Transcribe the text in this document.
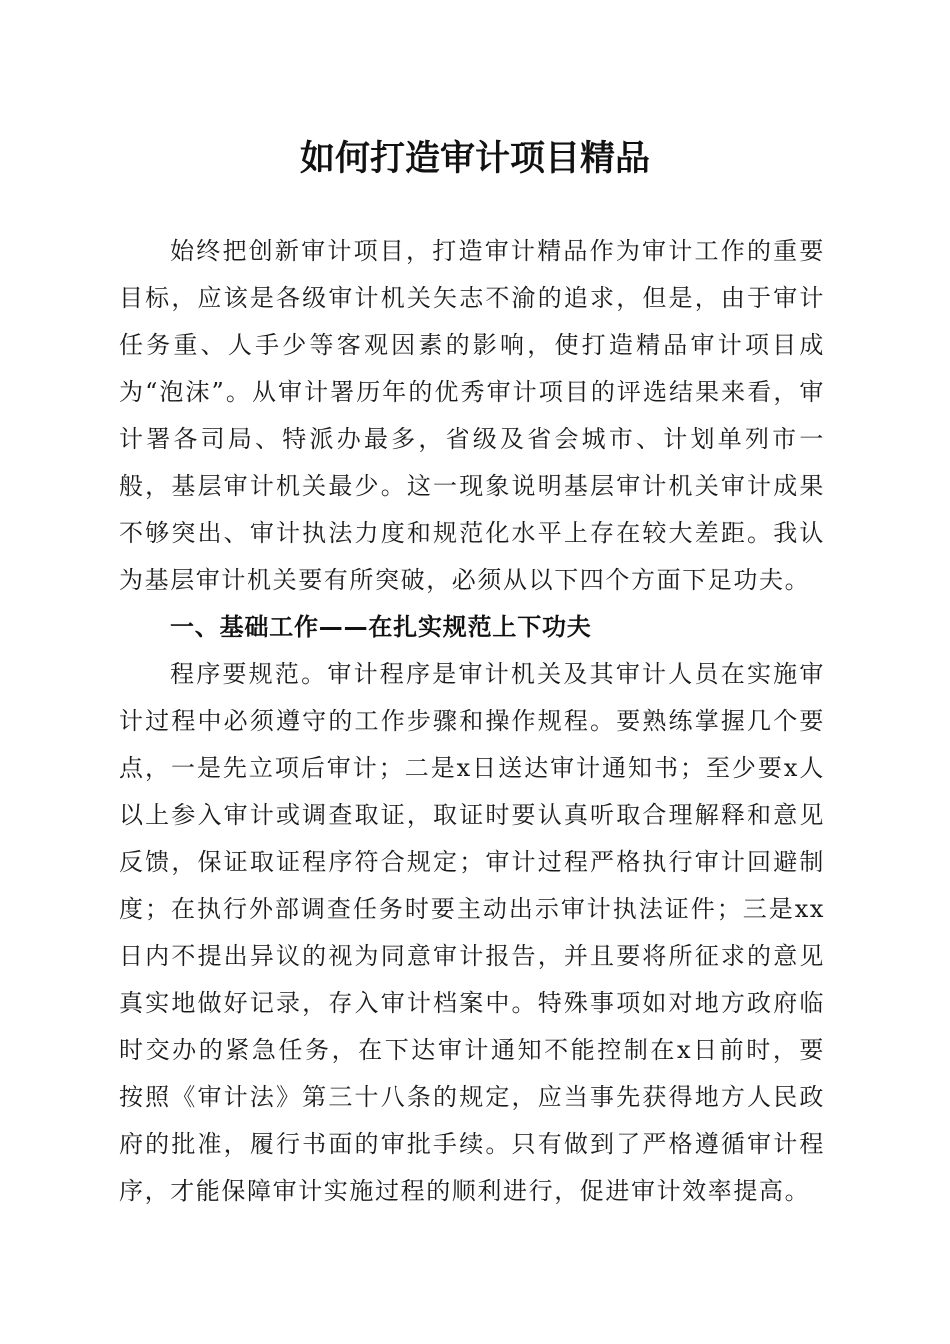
如何打造审计项目精品

始终把创新审计项目，打造审计精品作为审计工作的重要目标，应该是各级审计机关矢志不渝的追求，但是，由于审计任务重、人手少等客观因素的影响，使打造精品审计项目成为“泡沫”。从审计署历年的优秀审计项目的评选结果来看，审计署各司局、特派办最多，省级及省会城市、计划单列市一般，基层审计机关最少。这一现象说明基层审计机关审计成果不够突出、审计执法力度和规范化水平上存在较大差距。我认为基层审计机关要有所突破，必须从以下四个方面下足功夫。

一、基础工作——在扎实规范上下功夫

程序要规范。审计程序是审计机关及其审计人员在实施审计过程中必须遵守的工作步骤和操作规程。要熟练掌握几个要点，一是先立项后审计；二是x日送达审计通知书；至少要x人以上参入审计或调查取证，取证时要认真听取合理解释和意见反馈，保证取证程序符合规定；审计过程严格执行审计回避制度；在执行外部调查任务时要主动出示审计执法证件；三是xx日内不提出异议的视为同意审计报告，并且要将所征求的意见真实地做好记录，存入审计档案中。特殊事项如对地方政府临时交办的紧急任务，在下达审计通知不能控制在x日前时，要按照《审计法》第三十八条的规定，应当事先获得地方人民政府的批准，履行书面的审批手续。只有做到了严格遵循审计程序，才能保障审计实施过程的顺利进行，促进审计效率提高。
